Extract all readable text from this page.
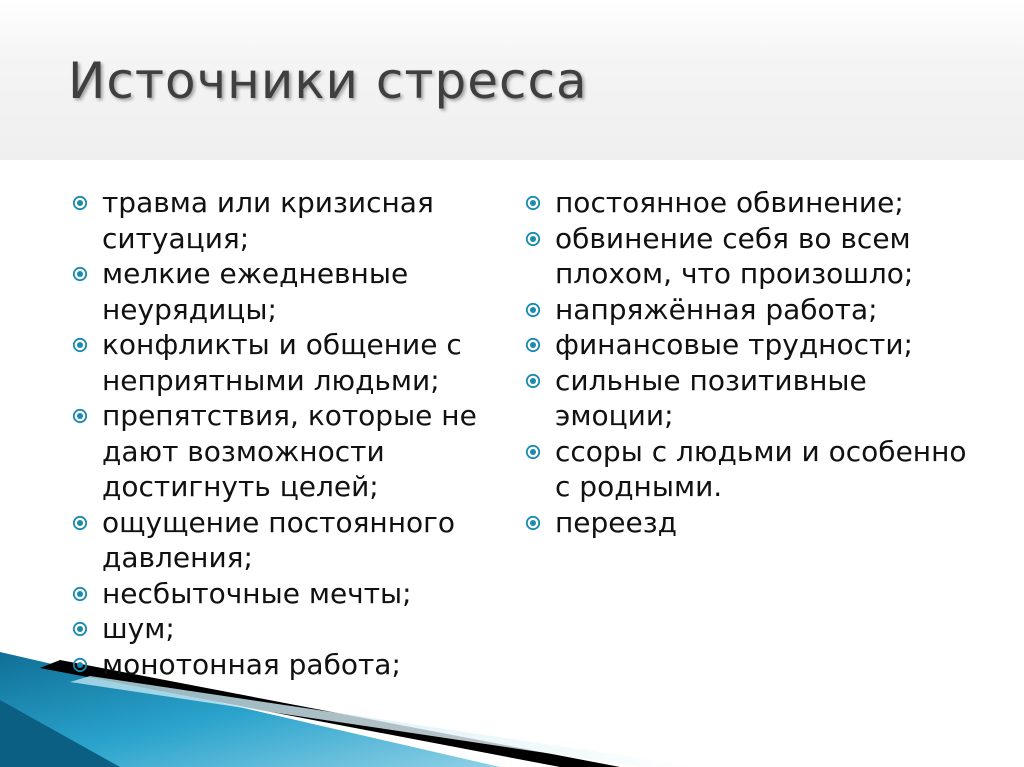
Источники стресса
травма или кризисная ситуация;
мелкие ежедневные неурядицы;
конфликты и общение с неприятными людьми;
препятствия, которые не дают возможности достигнуть целей;
ощущение постоянного давления;
несбыточные мечты;
шум;
монотонная работа;
постоянное обвинение;
обвинение себя во всем плохом, что произошло;
напряжённая работа;
финансовые трудности;
сильные позитивные эмоции;
ссоры с людьми и особенно с родными.
переезд
